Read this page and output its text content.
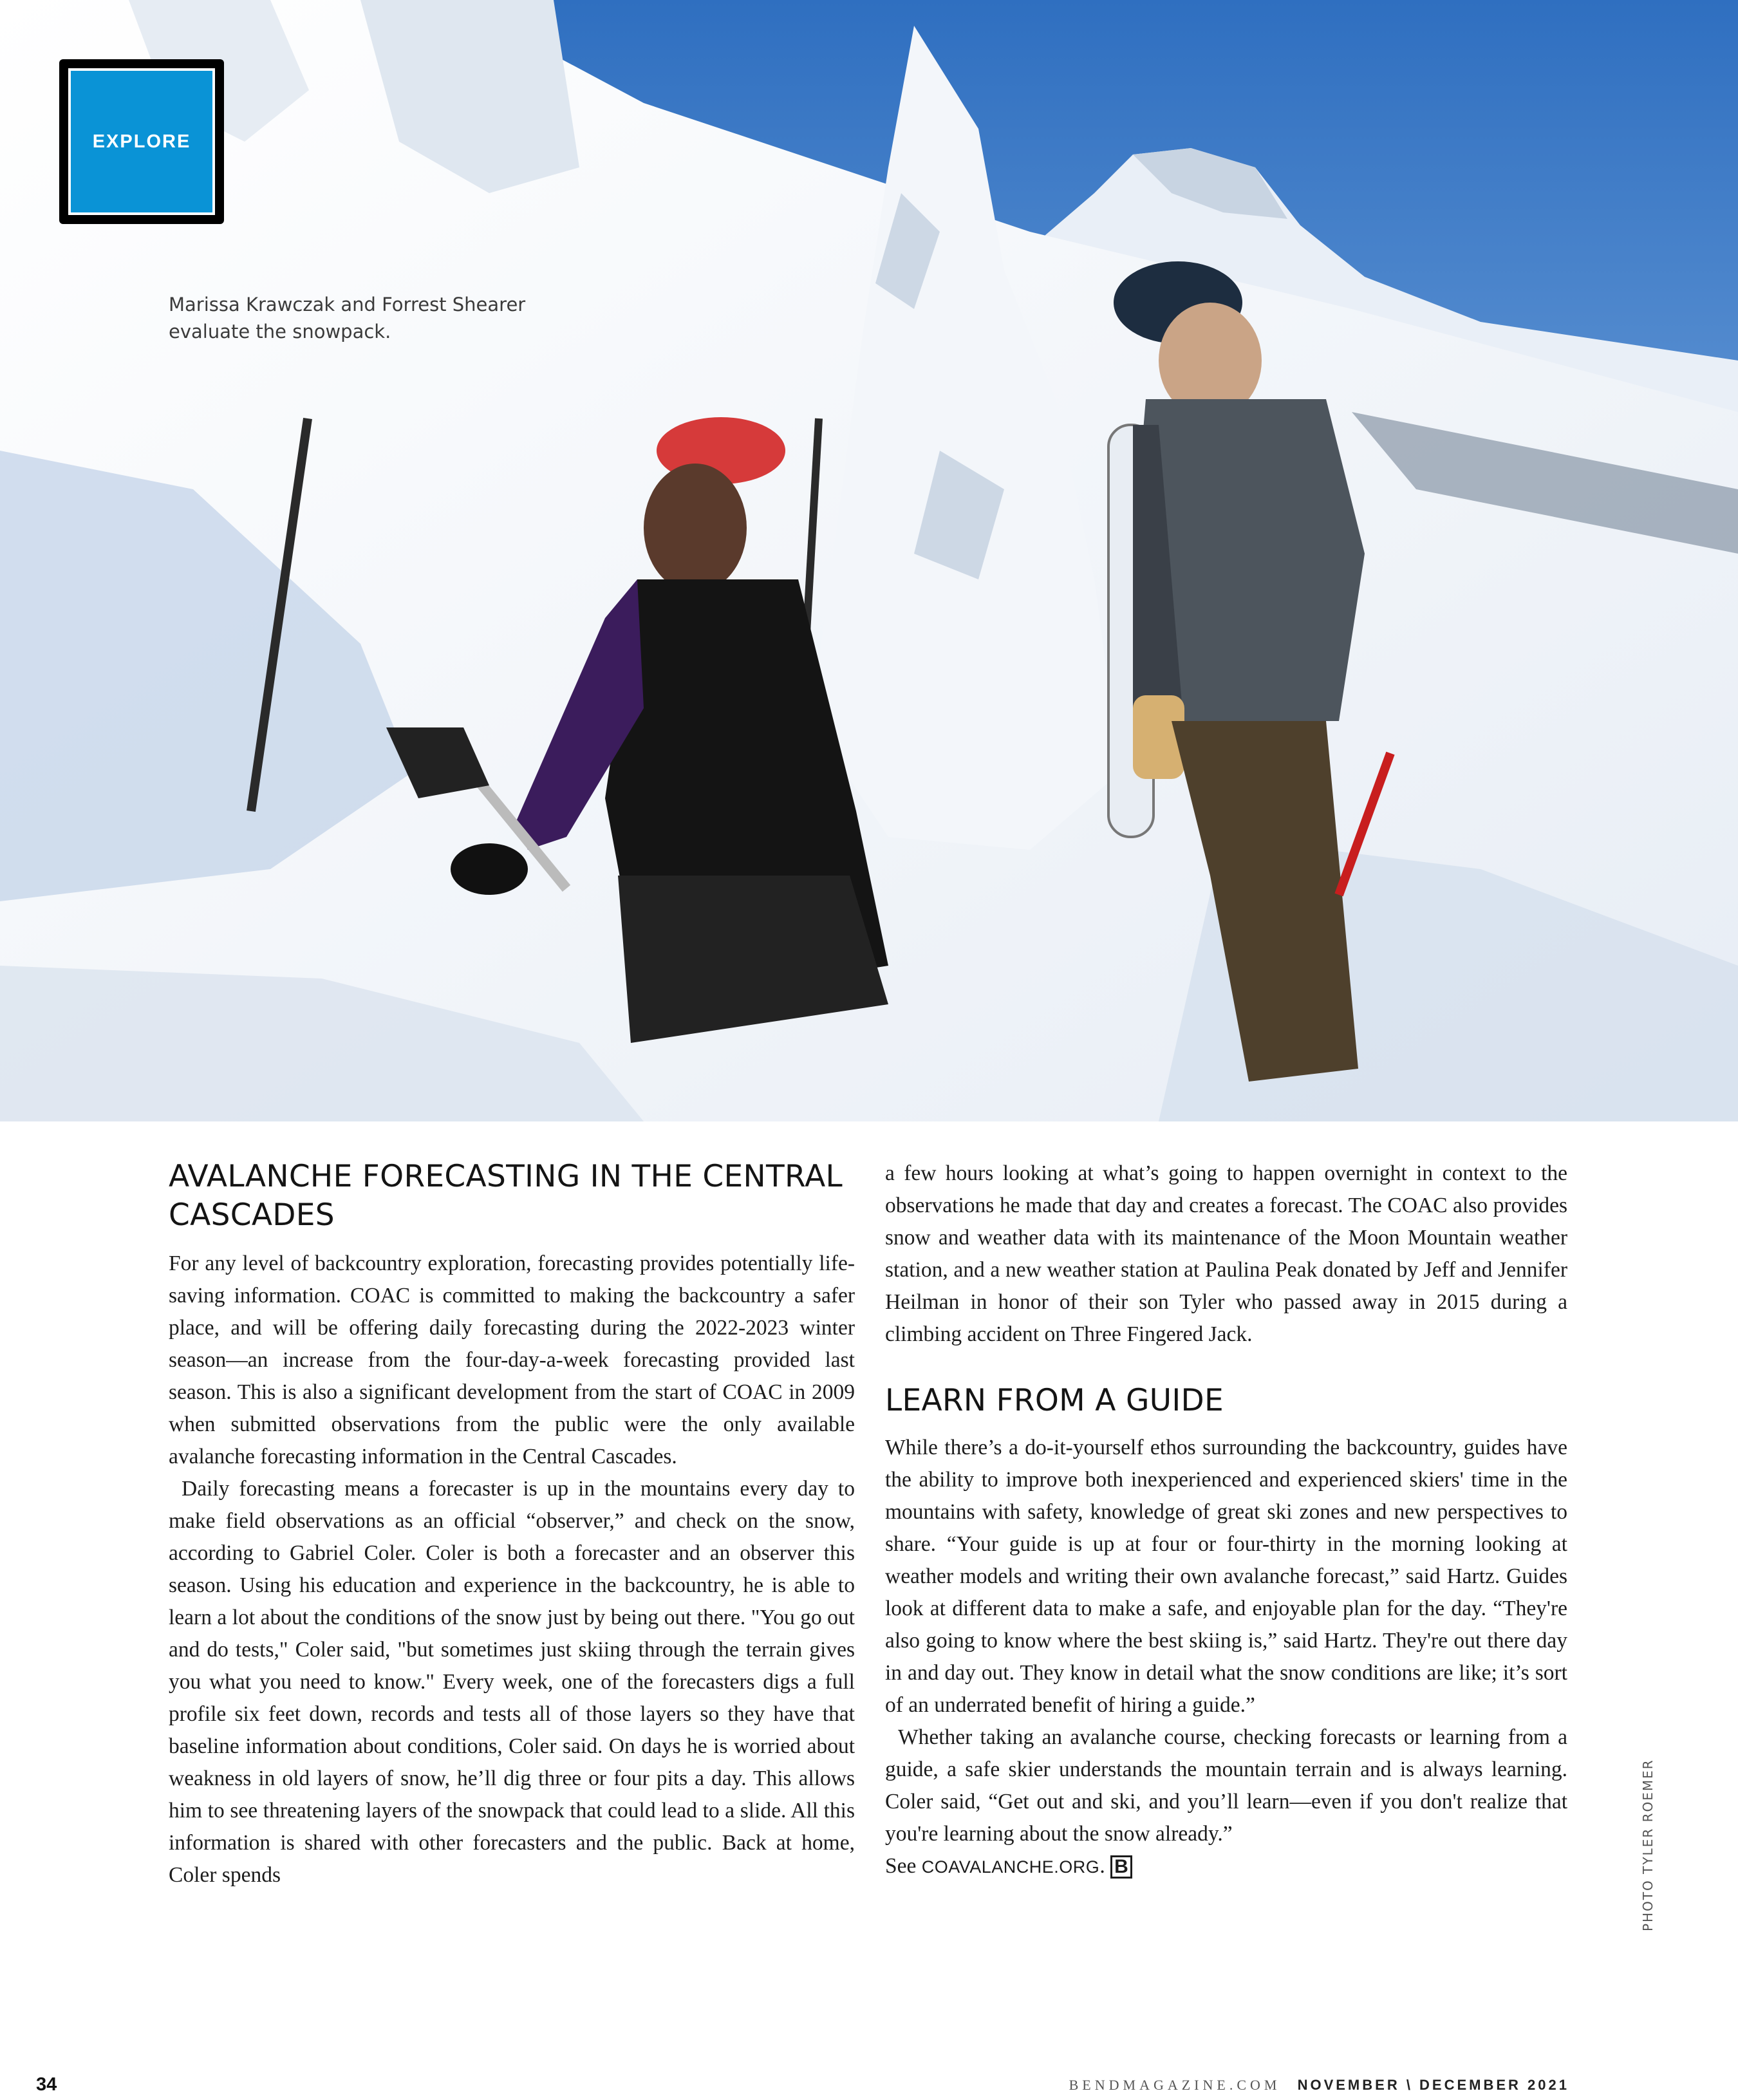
EXPLORE
Marissa Krawczak and Forrest Shearer evaluate the snowpack.
AVALANCHE FORECASTING IN THE CENTRAL CASCADES

For any level of backcountry exploration, forecasting provides potentially life-saving information. COAC is committed to making the backcountry a safer place, and will be offering daily forecasting during the 2022-2023 winter season—an increase from the four-day-a-week forecasting provided last season. This is also a significant development from the start of COAC in 2009 when submitted observations from the public were the only available avalanche forecasting information in the Central Cascades.

Daily forecasting means a forecaster is up in the mountains every day to make field observations as an official “observer,” and check on the snow, according to Gabriel Coler. Coler is both a forecaster and an observer this season. Using his education and experience in the backcountry, he is able to learn a lot about the conditions of the snow just by being out there. "You go out and do tests," Coler said, "but sometimes just skiing through the terrain gives you what you need to know." Every week, one of the forecasters digs a full profile six feet down, records and tests all of those layers so they have that baseline information about conditions, Coler said. On days he is worried about weakness in old layers of snow, he’ll dig three or four pits a day. This allows him to see threatening layers of the snowpack that could lead to a slide. All this information is shared with other forecasters and the public. Back at home, Coler spends

a few hours looking at what’s going to happen overnight in context to the observations he made that day and creates a forecast. The COAC also provides snow and weather data with its maintenance of the Moon Mountain weather station, and a new weather station at Paulina Peak donated by Jeff and Jennifer Heilman in honor of their son Tyler who passed away in 2015 during a climbing accident on Three Fingered Jack.

LEARN FROM A GUIDE

While there’s a do-it-yourself ethos surrounding the backcountry, guides have the ability to improve both inexperienced and experienced skiers' time in the mountains with safety, knowledge of great ski zones and new perspectives to share. “Your guide is up at four or four-thirty in the morning looking at weather models and writing their own avalanche forecast,” said Hartz. Guides look at different data to make a safe, and enjoyable plan for the day. “They're also going to know where the best skiing is,” said Hartz. They're out there day in and day out. They know in detail what the snow conditions are like; it’s sort of an underrated benefit of hiring a guide.”

Whether taking an avalanche course, checking forecasts or learning from a guide, a safe skier understands the mountain terrain and is always learning. Coler said, “Get out and ski, and you’ll learn—even if you don't realize that you're learning about the snow already.”

See COAVALANCHE.ORG. B	PHOTO TYLER ROEMER
34	BENDMAGAZINE.COM NOVEMBER \ DECEMBER 2021
